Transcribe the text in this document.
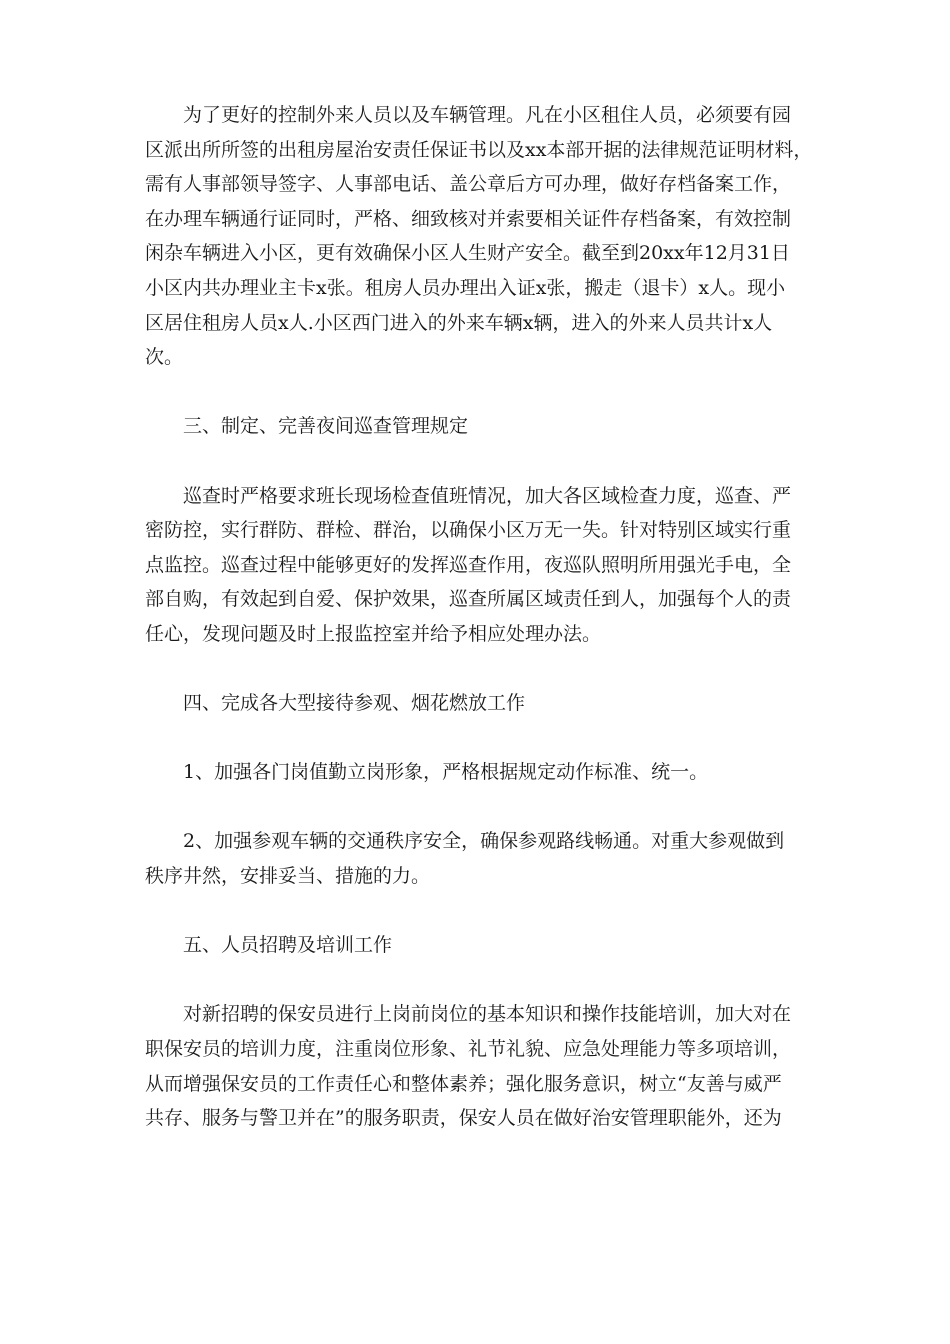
为了更好的控制外来人员以及车辆管理。凡在小区租住人员，必须要有园
区派出所所签的出租房屋治安责任保证书以及xx本部开据的法律规范证明材料，
需有人事部领导签字、人事部电话、盖公章后方可办理，做好存档备案工作，
在办理车辆通行证同时，严格、细致核对并索要相关证件存档备案，有效控制
闲杂车辆进入小区，更有效确保小区人生财产安全。截至到20xx年12月31日
小区内共办理业主卡x张。租房人员办理出入证x张，搬走（退卡）x人。现小
区居住租房人员x人.小区西门进入的外来车辆x辆，进入的外来人员共计x人
次。

三、制定、完善夜间巡查管理规定

巡查时严格要求班长现场检查值班情况，加大各区域检查力度，巡查、严
密防控，实行群防、群检、群治，以确保小区万无一失。针对特别区域实行重
点监控。巡查过程中能够更好的发挥巡查作用，夜巡队照明所用强光手电，全
部自购，有效起到自爱、保护效果，巡查所属区域责任到人，加强每个人的责
任心，发现问题及时上报监控室并给予相应处理办法。

四、完成各大型接待参观、烟花燃放工作

1、加强各门岗值勤立岗形象，严格根据规定动作标准、统一。

2、加强参观车辆的交通秩序安全，确保参观路线畅通。对重大参观做到
秩序井然，安排妥当、措施的力。

五、人员招聘及培训工作

对新招聘的保安员进行上岗前岗位的基本知识和操作技能培训，加大对在
职保安员的培训力度，注重岗位形象、礼节礼貌、应急处理能力等多项培训，
从而增强保安员的工作责任心和整体素养；强化服务意识，树立“友善与威严
共存、服务与警卫并在”的服务职责，保安人员在做好治安管理职能外，还为
